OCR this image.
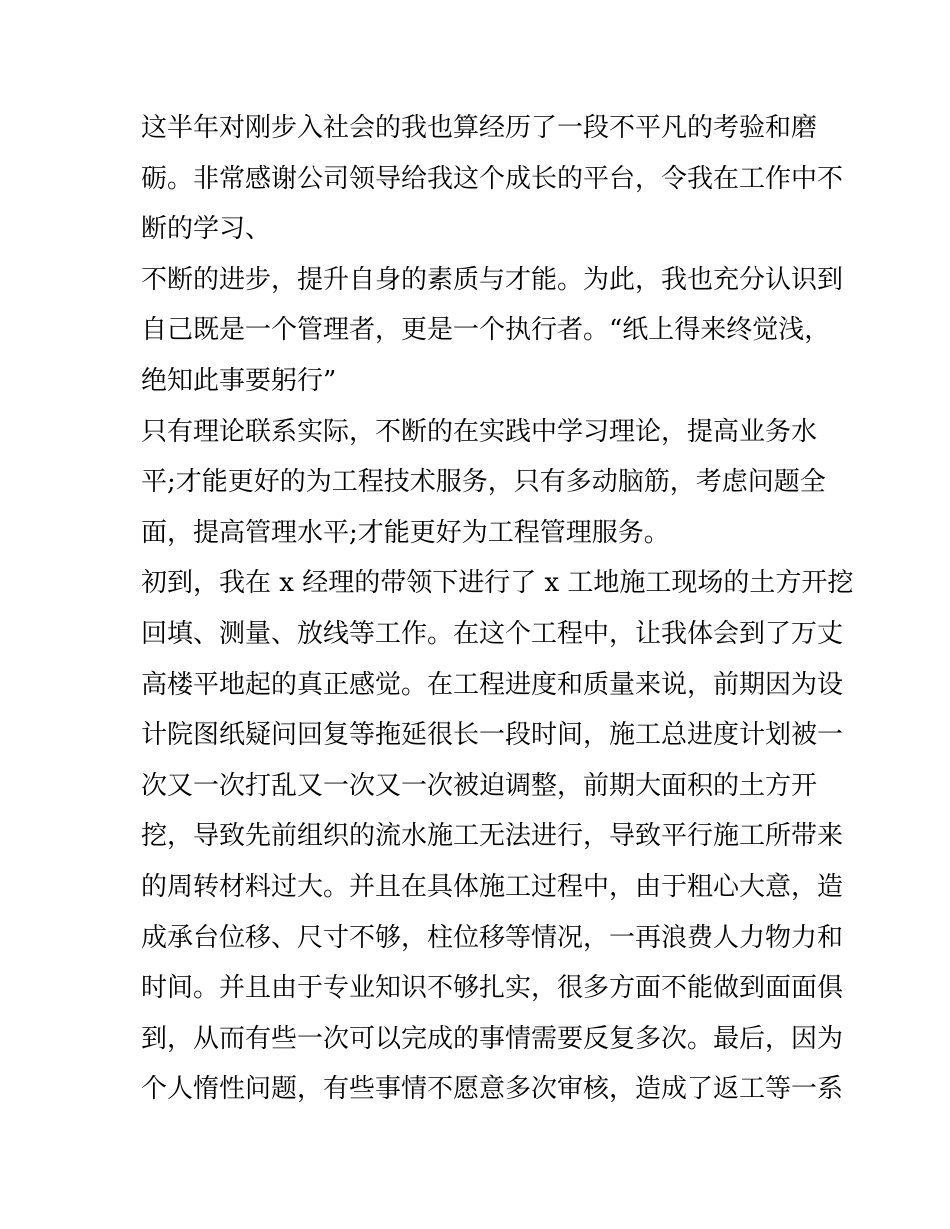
这半年对刚步入社会的我也算经历了一段不平凡的考验和磨
砺。非常感谢公司领导给我这个成长的平台，令我在工作中不
断的学习、
不断的进步，提升自身的素质与才能。为此，我也充分认识到
自己既是一个管理者，更是一个执行者。“纸上得来终觉浅，
绝知此事要躬行”
只有理论联系实际，不断的在实践中学习理论，提高业务水
平;才能更好的为工程技术服务，只有多动脑筋，考虑问题全
面，提高管理水平;才能更好为工程管理服务。
初到，我在 x 经理的带领下进行了 x 工地施工现场的土方开挖
回填、测量、放线等工作。在这个工程中，让我体会到了万丈
高楼平地起的真正感觉。在工程进度和质量来说，前期因为设
计院图纸疑问回复等拖延很长一段时间，施工总进度计划被一
次又一次打乱又一次又一次被迫调整，前期大面积的土方开
挖，导致先前组织的流水施工无法进行，导致平行施工所带来
的周转材料过大。并且在具体施工过程中，由于粗心大意，造
成承台位移、尺寸不够，柱位移等情况，一再浪费人力物力和
时间。并且由于专业知识不够扎实，很多方面不能做到面面俱
到，从而有些一次可以完成的事情需要反复多次。最后，因为
个人惰性问题，有些事情不愿意多次审核，造成了返工等一系
